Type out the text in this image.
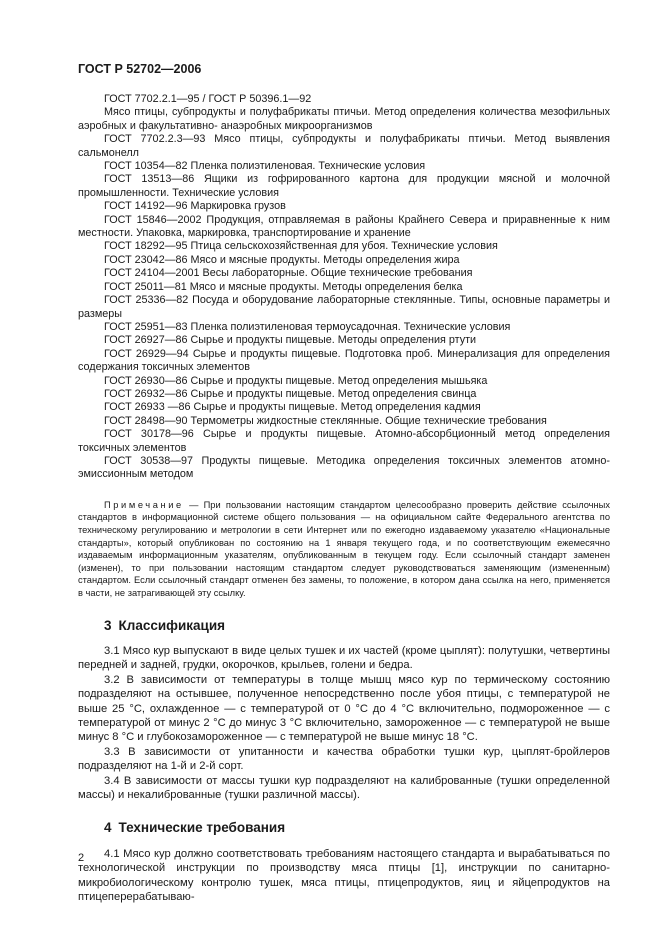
ГОСТ Р 52702—2006

ГОСТ 7702.2.1—95 / ГОСТ Р 50396.1—92

Мясо птицы, субпродукты и полуфабрикаты птичьи. Метод определения количества мезофильных аэробных и факультативно- анаэробных микроорганизмов

ГОСТ 7702.2.3—93 Мясо птицы, субпродукты и полуфабрикаты птичьи. Метод выявления сальмонелл

ГОСТ 10354—82 Пленка полиэтиленовая. Технические условия

ГОСТ 13513—86 Ящики из гофрированного картона для продукции мясной и молочной промышленности. Технические условия

ГОСТ 14192—96 Маркировка грузов

ГОСТ 15846—2002 Продукция, отправляемая в районы Крайнего Севера и приравненные к ним местности. Упаковка, маркировка, транспортирование и хранение

ГОСТ 18292—95 Птица сельскохозяйственная для убоя. Технические условия

ГОСТ 23042—86 Мясо и мясные продукты. Методы определения жира

ГОСТ 24104—2001 Весы лабораторные. Общие технические требования

ГОСТ 25011—81 Мясо и мясные продукты. Методы определения белка

ГОСТ 25336—82 Посуда и оборудование лабораторные стеклянные. Типы, основные параметры и размеры

ГОСТ 25951—83 Пленка полиэтиленовая термоусадочная. Технические условия

ГОСТ 26927—86 Сырье и продукты пищевые. Методы определения ртути

ГОСТ 26929—94 Сырье и продукты пищевые. Подготовка проб. Минерализация для определения содержания токсичных элементов

ГОСТ 26930—86 Сырье и продукты пищевые. Метод определения мышьяка

ГОСТ 26932—86 Сырье и продукты пищевые. Метод определения свинца

ГОСТ 26933 —86 Сырье и продукты пищевые. Метод определения кадмия

ГОСТ 28498—90 Термометры жидкостные стеклянные. Общие технические требования

ГОСТ 30178—96 Сырье и продукты пищевые. Атомно-абсорбционный метод определения токсичных элементов

ГОСТ 30538—97 Продукты пищевые. Методика определения токсичных элементов атомно-эмиссионным методом

Примечание — При пользовании настоящим стандартом целесообразно проверить действие ссылочных стандартов в информационной системе общего пользования — на официальном сайте Федерального агентства по техническому регулированию и метрологии в сети Интернет или по ежегодно издаваемому указателю «Национальные стандарты», который опубликован по состоянию на 1 января текущего года, и по соответствующим ежемесячно издаваемым информационным указателям, опубликованным в текущем году. Если ссылочный стандарт заменен (изменен), то при пользовании настоящим стандартом следует руководствоваться заменяющим (измененным) стандартом. Если ссылочный стандарт отменен без замены, то положение, в котором дана ссылка на него, применяется в части, не затрагивающей эту ссылку.
3 Классификация

3.1 Мясо кур выпускают в виде целых тушек и их частей (кроме цыплят): полутушки, четвертины передней и задней, грудки, окорочков, крыльев, голени и бедра.

3.2 В зависимости от температуры в толще мышц мясо кур по термическому состоянию подразделяют на остывшее, полученное непосредственно после убоя птицы, с температурой не выше 25 °С, охлажденное — с температурой от 0 °С до 4 °С включительно, подмороженное — с температурой от минус 2 °С до минус 3 °С включительно, замороженное — с температурой не выше минус 8 °С и глубокозамороженное — с температурой не выше минус 18 °С.

3.3 В зависимости от упитанности и качества обработки тушки кур, цыплят-бройлеров подразделяют на 1-й и 2-й сорт.

3.4 В зависимости от массы тушки кур подразделяют на калиброванные (тушки определенной массы) и некалиброванные (тушки различной массы).

4 Технические требования

4.1 Мясо кур должно соответствовать требованиям настоящего стандарта и вырабатываться по технологической инструкции по производству мяса птицы [1], инструкции по санитарно-микробиологическому контролю тушек, мяса птицы, птицепродуктов, яиц и яйцепродуктов на птицеперерабатываю-

2
